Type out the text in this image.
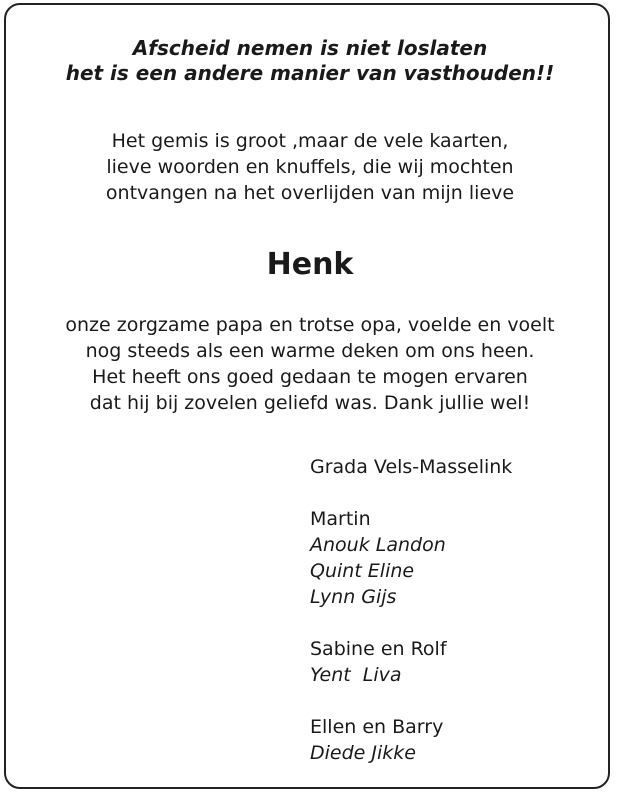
Afscheid nemen is niet loslaten
het is een andere manier van vasthouden!!
Het gemis is groot ,maar de vele kaarten,
lieve woorden en knuffels, die wij mochten
ontvangen na het overlijden van mijn lieve
Henk
onze zorgzame papa en trotse opa, voelde en voelt
nog steeds als een warme deken om ons heen.
Het heeft ons goed gedaan te mogen ervaren
dat hij bij zovelen geliefd was. Dank jullie wel!
Grada Vels-Masselink
Martin
Anouk Landon
Quint Eline
Lynn Gijs
Sabine en Rolf
Yent  Liva
Ellen en Barry
Diede Jikke
